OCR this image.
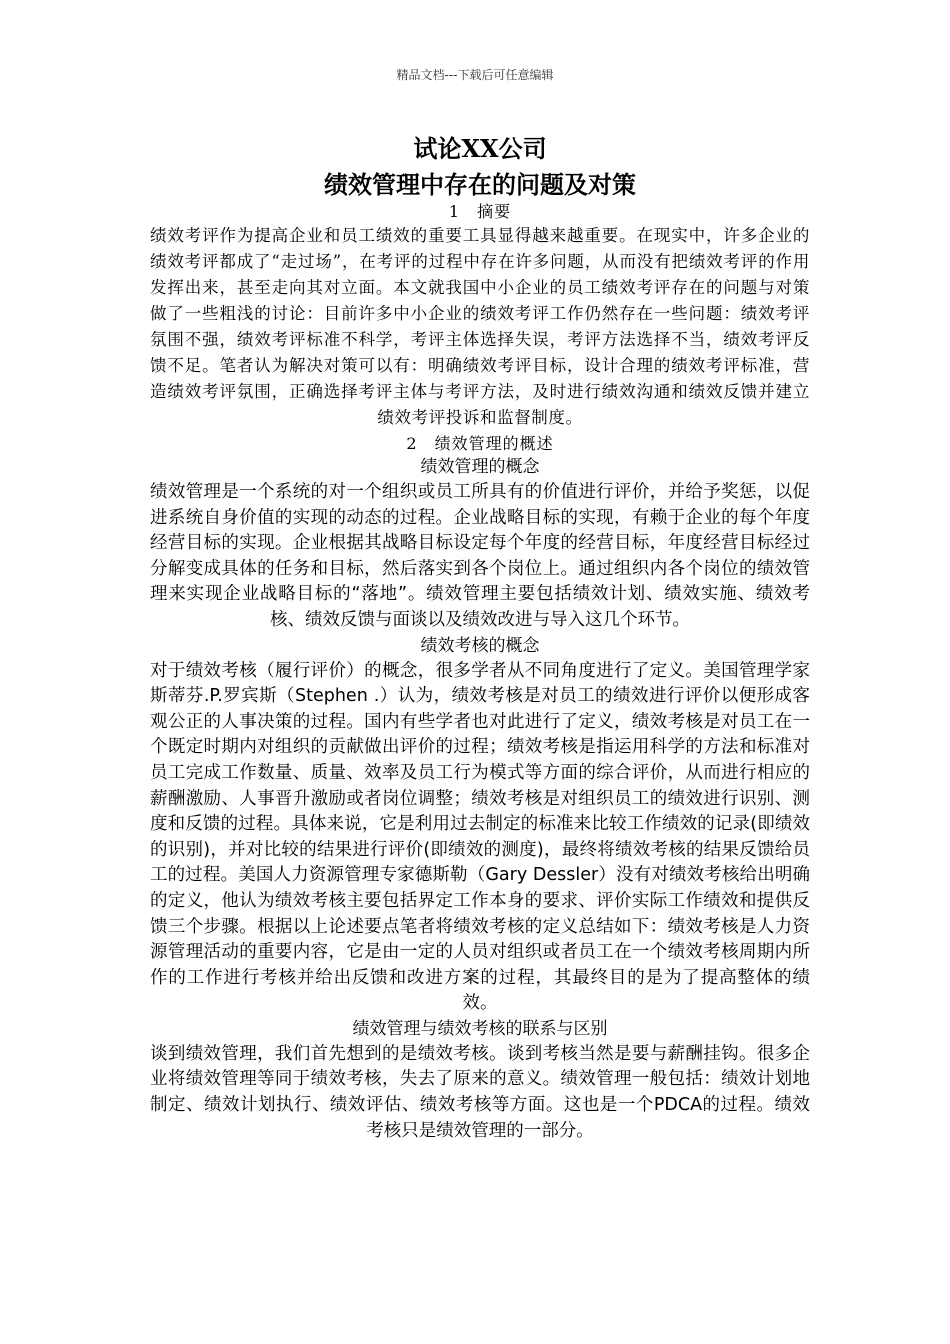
精品文档---下载后可任意编辑
试论XX公司
绩效管理中存在的问题及对策
1　摘要

绩效考评作为提高企业和员工绩效的重要工具显得越来越重要。在现实中，许多企业的绩效考评都成了“走过场”，在考评的过程中存在许多问题，从而没有把绩效考评的作用发挥出来，甚至走向其对立面。本文就我国中小企业的员工绩效考评存在的问题与对策做了一些粗浅的讨论：目前许多中小企业的绩效考评工作仍然存在一些问题：绩效考评氛围不强，绩效考评标准不科学，考评主体选择失误，考评方法选择不当，绩效考评反馈不足。笔者认为解决对策可以有：明确绩效考评目标，设计合理的绩效考评标准，营造绩效考评氛围，正确选择考评主体与考评方法，及时进行绩效沟通和绩效反馈并建立绩效考评投诉和监督制度。

2　绩效管理的概述
绩效管理的概念

绩效管理是一个系统的对一个组织或员工所具有的价值进行评价，并给予奖惩，以促进系统自身价值的实现的动态的过程。企业战略目标的实现，有赖于企业的每个年度经营目标的实现。企业根据其战略目标设定每个年度的经营目标，年度经营目标经过分解变成具体的任务和目标，然后落实到各个岗位上。通过组织内各个岗位的绩效管理来实现企业战略目标的“落地”。绩效管理主要包括绩效计划、绩效实施、绩效考核、绩效反馈与面谈以及绩效改进与导入这几个环节。

绩效考核的概念

对于绩效考核（履行评价）的概念，很多学者从不同角度进行了定义。美国管理学家斯蒂芬.P.罗宾斯（Stephen .）认为，绩效考核是对员工的绩效进行评价以便形成客观公正的人事决策的过程。国内有些学者也对此进行了定义，绩效考核是对员工在一个既定时期内对组织的贡献做出评价的过程；绩效考核是指运用科学的方法和标准对员工完成工作数量、质量、效率及员工行为模式等方面的综合评价，从而进行相应的薪酬激励、人事晋升激励或者岗位调整；绩效考核是对组织员工的绩效进行识别、测度和反馈的过程。具体来说，它是利用过去制定的标准来比较工作绩效的记录(即绩效的识别)，并对比较的结果进行评价(即绩效的测度)，最终将绩效考核的结果反馈给员工的过程。美国人力资源管理专家德斯勒（Gary Dessler）没有对绩效考核给出明确的定义，他认为绩效考核主要包括界定工作本身的要求、评价实际工作绩效和提供反馈三个步骤。根据以上论述要点笔者将绩效考核的定义总结如下：绩效考核是人力资源管理活动的重要内容，它是由一定的人员对组织或者员工在一个绩效考核周期内所作的工作进行考核并给出反馈和改进方案的过程，其最终目的是为了提高整体的绩效。

绩效管理与绩效考核的联系与区别

谈到绩效管理，我们首先想到的是绩效考核。谈到考核当然是要与薪酬挂钩。很多企业将绩效管理等同于绩效考核，失去了原来的意义。绩效管理一般包括：绩效计划地制定、绩效计划执行、绩效评估、绩效考核等方面。这也是一个PDCA的过程。绩效考核只是绩效管理的一部分。
